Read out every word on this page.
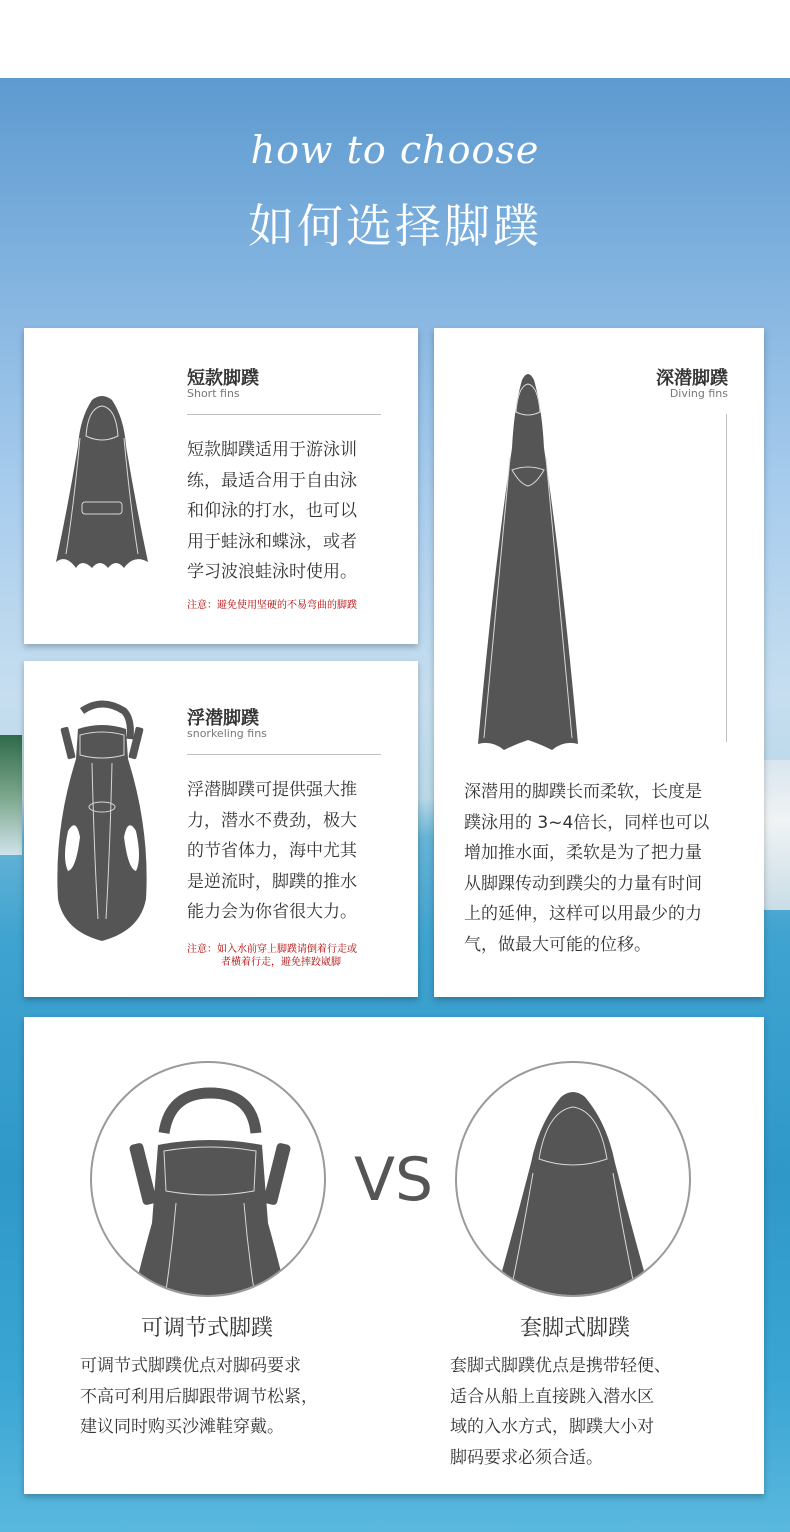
how to choose
如何选择脚蹼
短款脚蹼
Short fins
短款脚蹼适用于游泳训
练，最适合用于自由泳
和仰泳的打水，也可以
用于蛙泳和蝶泳，或者
学习波浪蛙泳时使用。
注意：避免使用坚硬的不易弯曲的脚蹼
深潜脚蹼
Diving fins
深潜用的脚蹼长而柔软，长度是
蹼泳用的 3~4倍长，同样也可以
增加推水面，柔软是为了把力量
从脚踝传动到蹼尖的力量有时间
上的延伸，这样可以用最少的力
气，做最大可能的位移。
浮潜脚蹼
snorkeling fins
浮潜脚蹼可提供强大推
力，潜水不费劲，极大
的节省体力，海中尤其
是逆流时，脚蹼的推水
能力会为你省很大力。
注意：如入水前穿上脚蹼请倒着行走或
者横着行走，避免摔跤崴脚
VS
可调节式脚蹼
可调节式脚蹼优点对脚码要求
不高可利用后脚跟带调节松紧，
建议同时购买沙滩鞋穿戴。
套脚式脚蹼
套脚式脚蹼优点是携带轻便、
适合从船上直接跳入潜水区
域的入水方式，脚蹼大小对
脚码要求必须合适。
